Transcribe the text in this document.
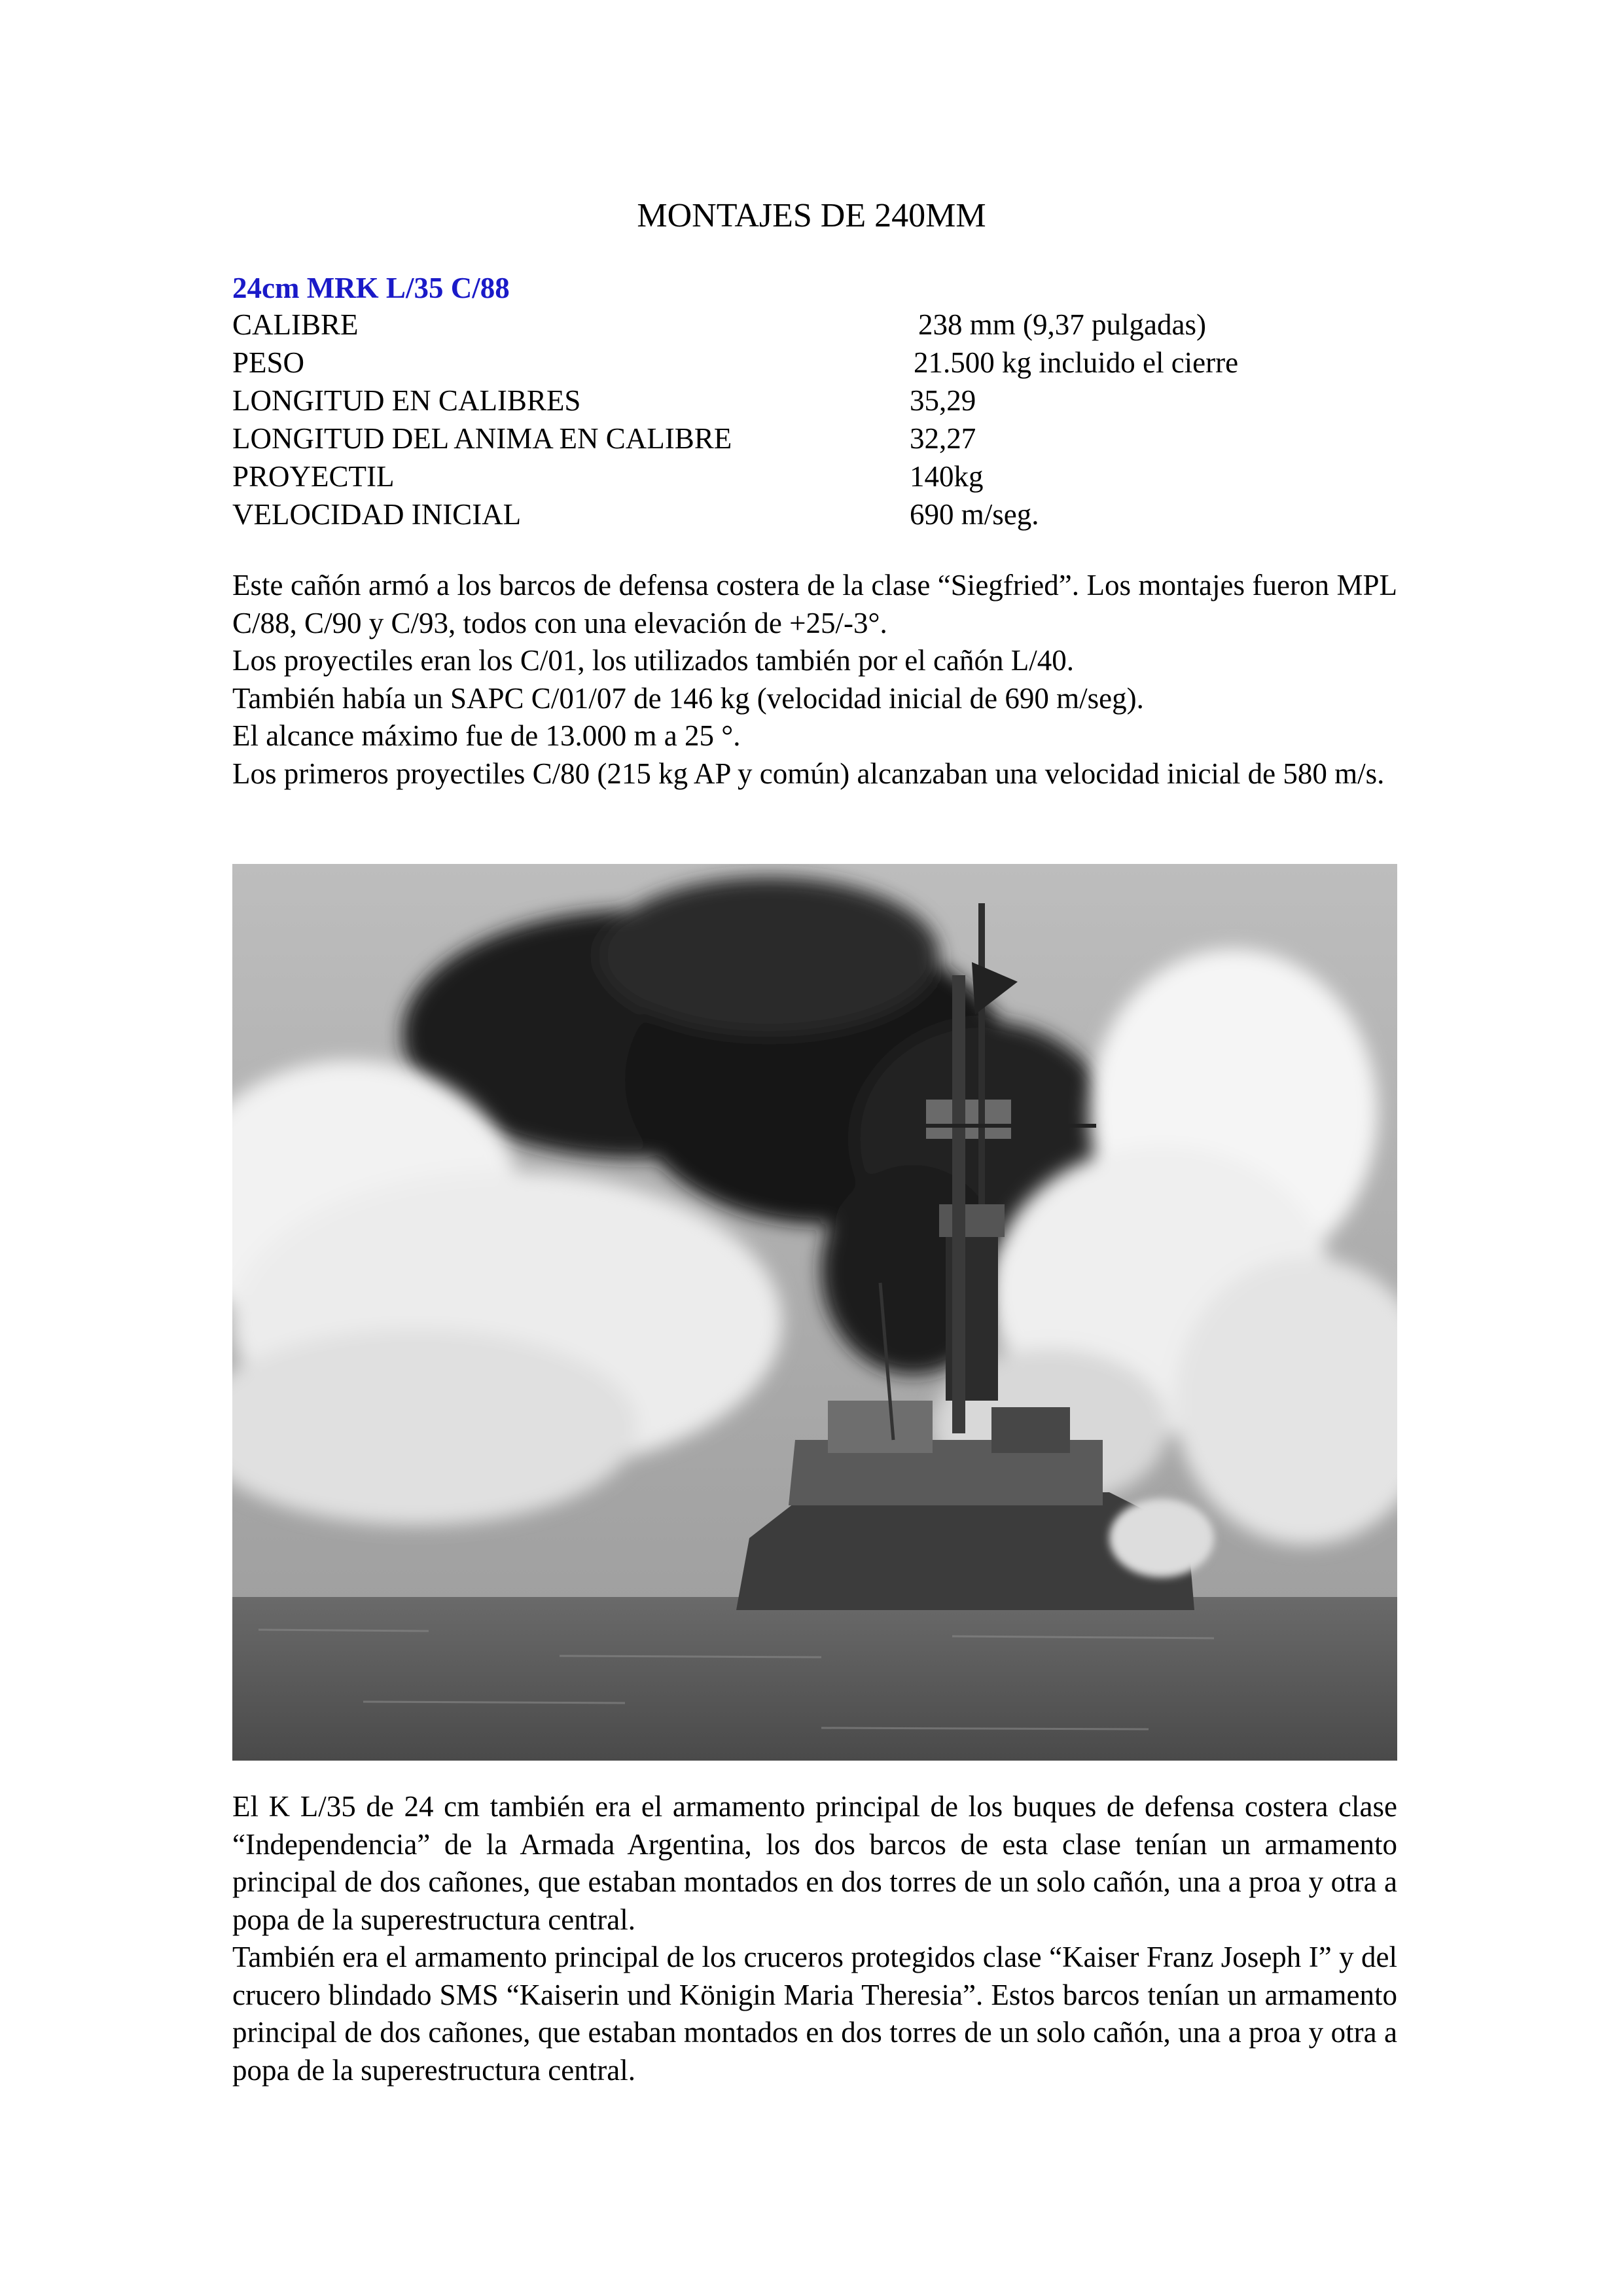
MONTAJES DE 240MM
24cm MRK L/35 C/88
CALIBRE	238 mm (9,37 pulgadas)
PESO	21.500 kg incluido el cierre
LONGITUD EN CALIBRES	35,29
LONGITUD DEL ANIMA EN CALIBRE	32,27
PROYECTIL	140kg
VELOCIDAD INICIAL	690 m/seg.

Este cañón armó a los barcos de defensa costera de la clase “Siegfried”. Los montajes fueron MPL C/88, C/90 y C/93, todos con una elevación de +25/-3°.

Los proyectiles eran los C/01, los utilizados también por el cañón L/40.

También había un SAPC C/01/07 de 146 kg (velocidad inicial de 690 m/seg).

El alcance máximo fue de 13.000 m a 25 °.

Los primeros proyectiles C/80 (215 kg AP y común) alcanzaban una velocidad inicial de 580 m/s.

El K L/35 de 24 cm también era el armamento principal de los buques de defensa costera clase “Independencia” de la Armada Argentina, los dos barcos de esta clase tenían un armamento principal de dos cañones, que estaban montados en dos torres de un solo cañón, una a proa y otra a popa de la superestructura central.

También era el armamento principal de los cruceros protegidos clase “Kaiser Franz Joseph I” y del crucero blindado SMS “Kaiserin und Königin Maria Theresia”. Estos barcos tenían un armamento principal de dos cañones, que estaban montados en dos torres de un solo cañón, una a proa y otra a popa de la superestructura central.
